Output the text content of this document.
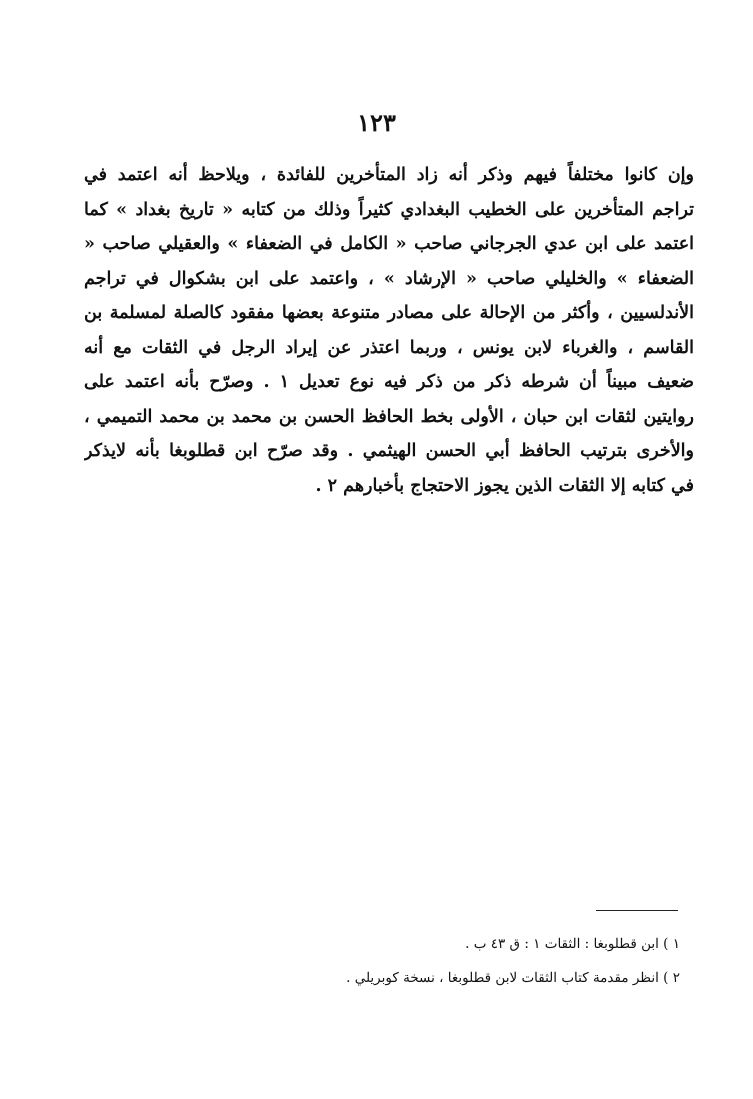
١٢٣
وإن كانوا مختلفاً فيهم وذكر أنه زاد المتأخرين للفائدة ، ويلاحظ أنه اعتمد في
تراجم المتأخرين على الخطيب البغدادي كثيراً وذلك من كتابه « تاريخ بغداد » كما
اعتمد على ابن عدي الجرجاني صاحب « الكامل في الضعفاء » والعقيلي صاحب «
الضعفاء » والخليلي صاحب « الإرشاد » ، واعتمد على ابن بشكوال في تراجم
الأندلسيين ، وأكثر من الإحالة على مصادر متنوعة بعضها مفقود كالصلة لمسلمة بن
القاسم ، والغرباء لابن يونس ، وربما اعتذر عن إيراد الرجل في الثقات مع أنه
ضعيف مبيناً أن شرطه ذكر من ذكر فيه نوع تعديل ١ . وصرّح بأنه اعتمد على
روايتين لثقات ابن حبان ، الأولى بخط الحافظ الحسن بن محمد بن محمد التميمي ،
والأخرى بترتيب الحافظ أبي الحسن الهيثمي . وقد صرّح ابن قطلوبغا بأنه لايذكر
في كتابه إلا الثقات الذين يجوز الاحتجاج بأخبارهم ٢ .
١ ) ابن قطلوبغا : الثقات ١ : ق ٤٣ ب .
٢ ) انظر مقدمة كتاب الثقات لابن قطلوبغا ، نسخة كوبريلي .
